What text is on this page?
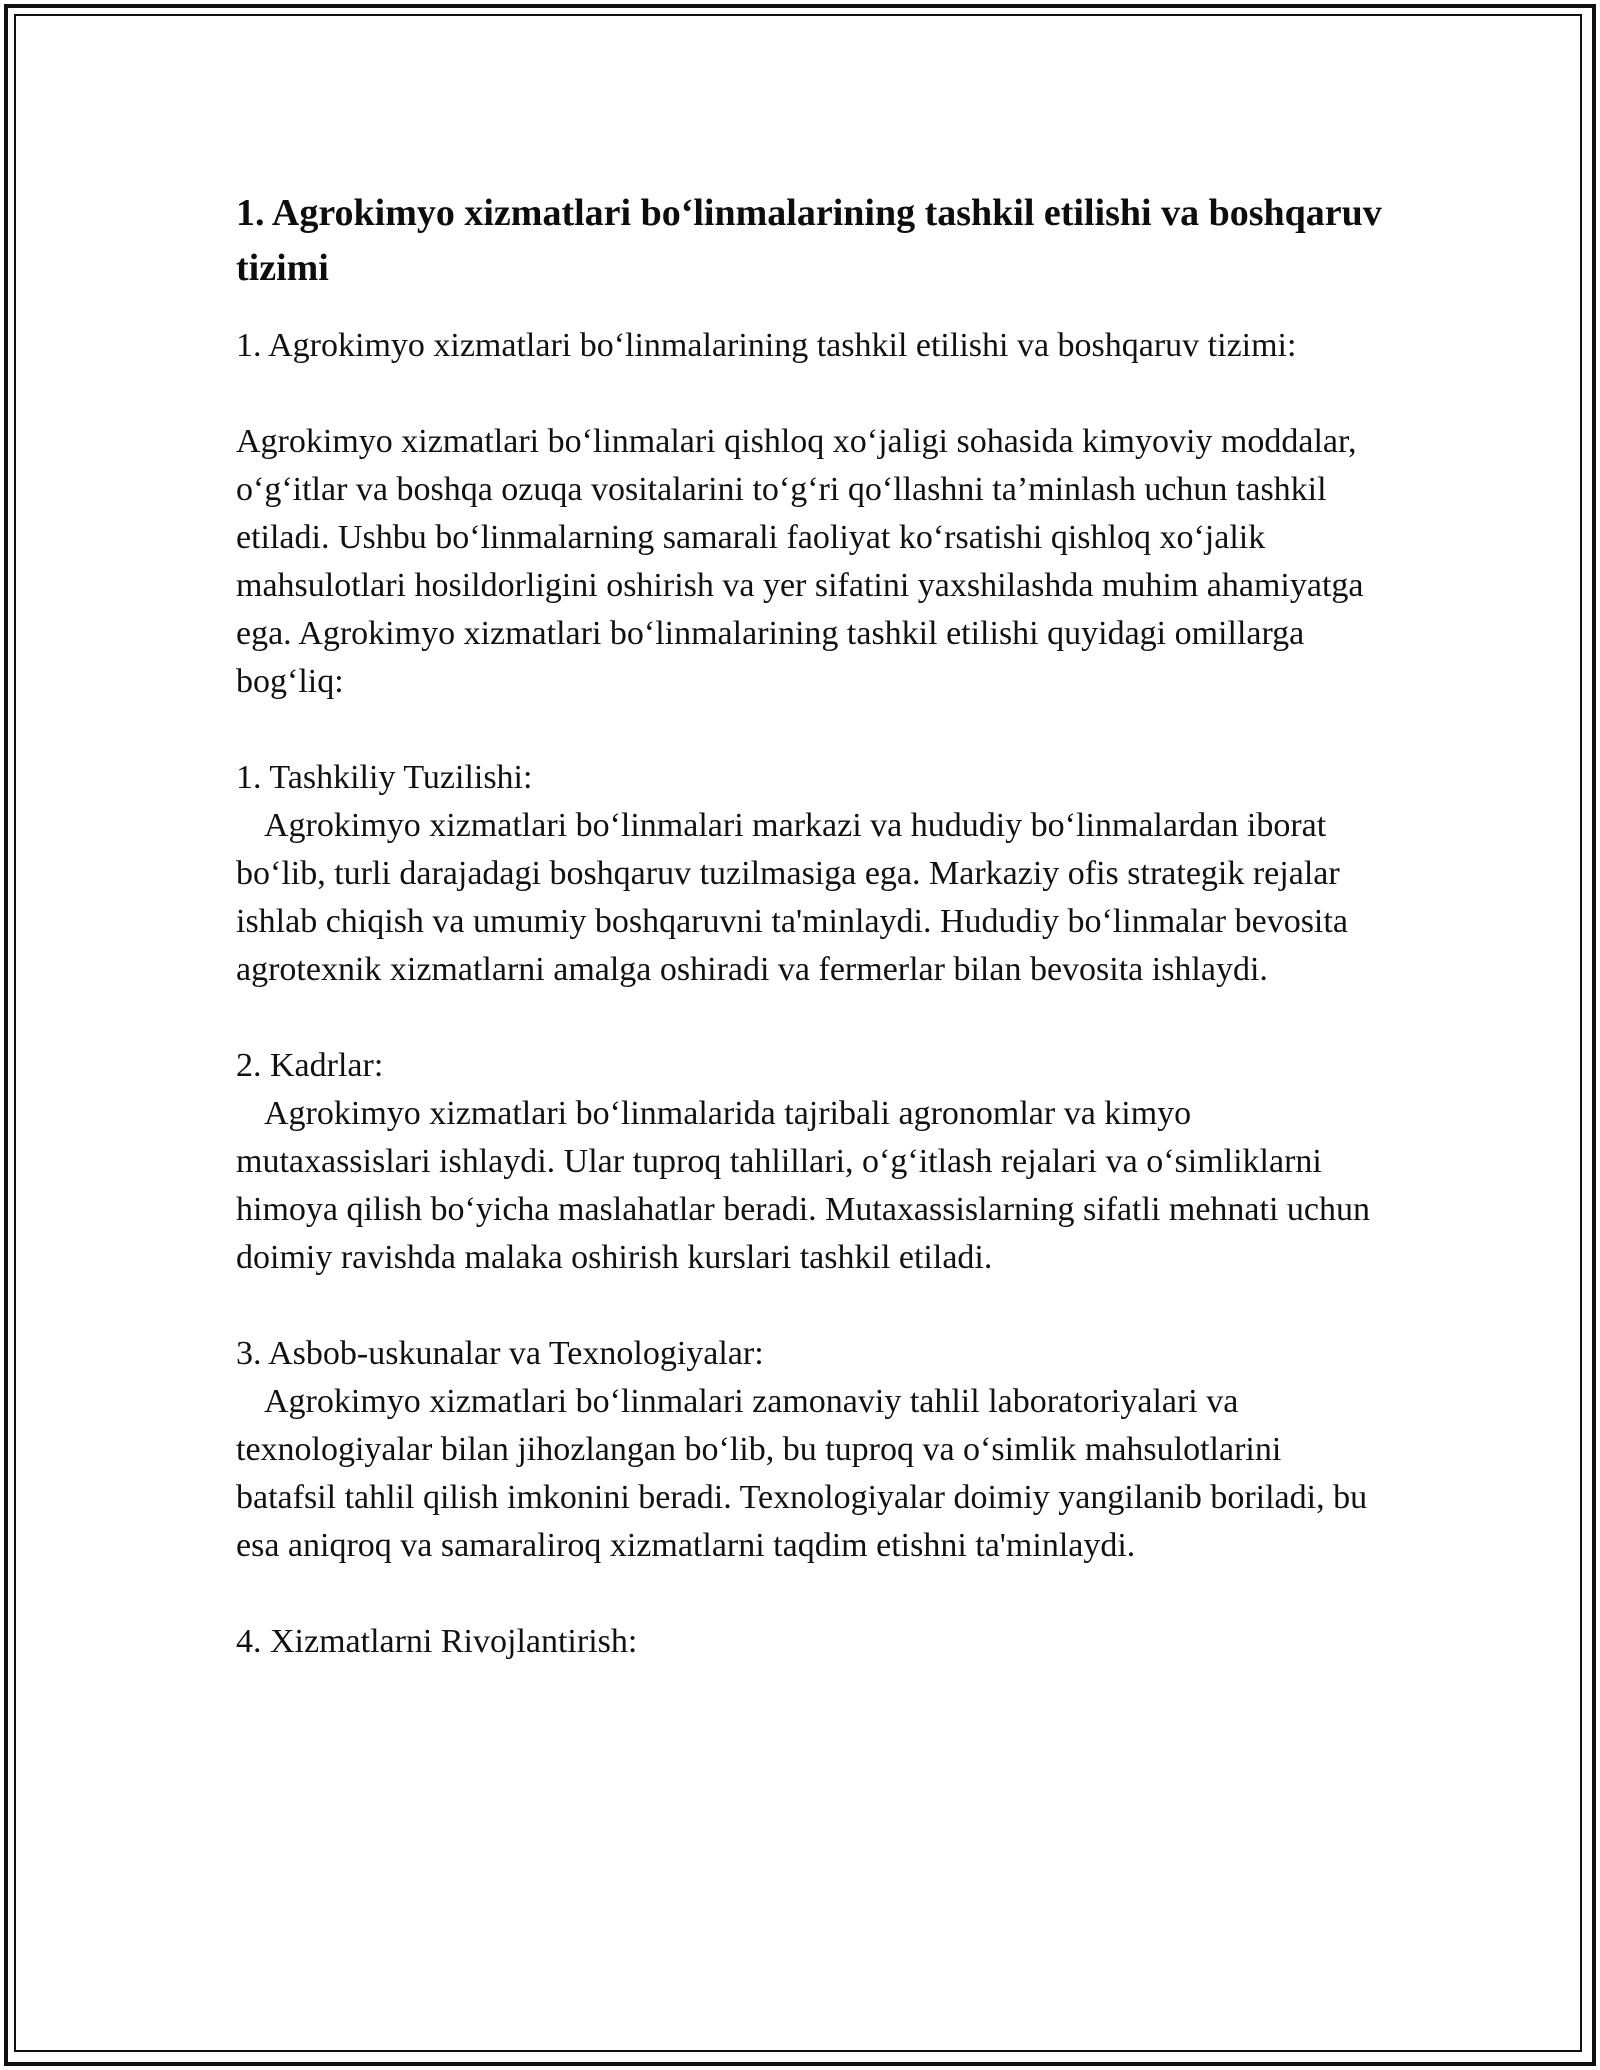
1. Agrokimyo xizmatlari bo‘linmalarining tashkil etilishi va boshqaruv tizimi

1. Agrokimyo xizmatlari bo‘linmalarining tashkil etilishi va boshqaruv tizimi:

Agrokimyo xizmatlari bo‘linmalari qishloq xo‘jaligi sohasida kimyoviy moddalar, o‘g‘itlar va boshqa ozuqa vositalarini to‘g‘ri qo‘llashni ta’minlash uchun tashkil etiladi. Ushbu bo‘linmalarning samarali faoliyat ko‘rsatishi qishloq xo‘jalik mahsulotlari hosildorligini oshirish va yer sifatini yaxshilashda muhim ahamiyatga ega. Agrokimyo xizmatlari bo‘linmalarining tashkil etilishi quyidagi omillarga bog‘liq:

1. Tashkiliy Tuzilishi:

Agrokimyo xizmatlari bo‘linmalari markazi va hududiy bo‘linmalardan iborat bo‘lib, turli darajadagi boshqaruv tuzilmasiga ega. Markaziy ofis strategik rejalar ishlab chiqish va umumiy boshqaruvni ta'minlaydi. Hududiy bo‘linmalar bevosita agrotexnik xizmatlarni amalga oshiradi va fermerlar bilan bevosita ishlaydi.

2. Kadrlar:

Agrokimyo xizmatlari bo‘linmalarida tajribali agronomlar va kimyo mutaxassislari ishlaydi. Ular tuproq tahlillari, o‘g‘itlash rejalari va o‘simliklarni himoya qilish bo‘yicha maslahatlar beradi. Mutaxassislarning sifatli mehnati uchun doimiy ravishda malaka oshirish kurslari tashkil etiladi.

3. Asbob-uskunalar va Texnologiyalar:

Agrokimyo xizmatlari bo‘linmalari zamonaviy tahlil laboratoriyalari va texnologiyalar bilan jihozlangan bo‘lib, bu tuproq va o‘simlik mahsulotlarini batafsil tahlil qilish imkonini beradi. Texnologiyalar doimiy yangilanib boriladi, bu esa aniqroq va samaraliroq xizmatlarni taqdim etishni ta'minlaydi.

4. Xizmatlarni Rivojlantirish:
